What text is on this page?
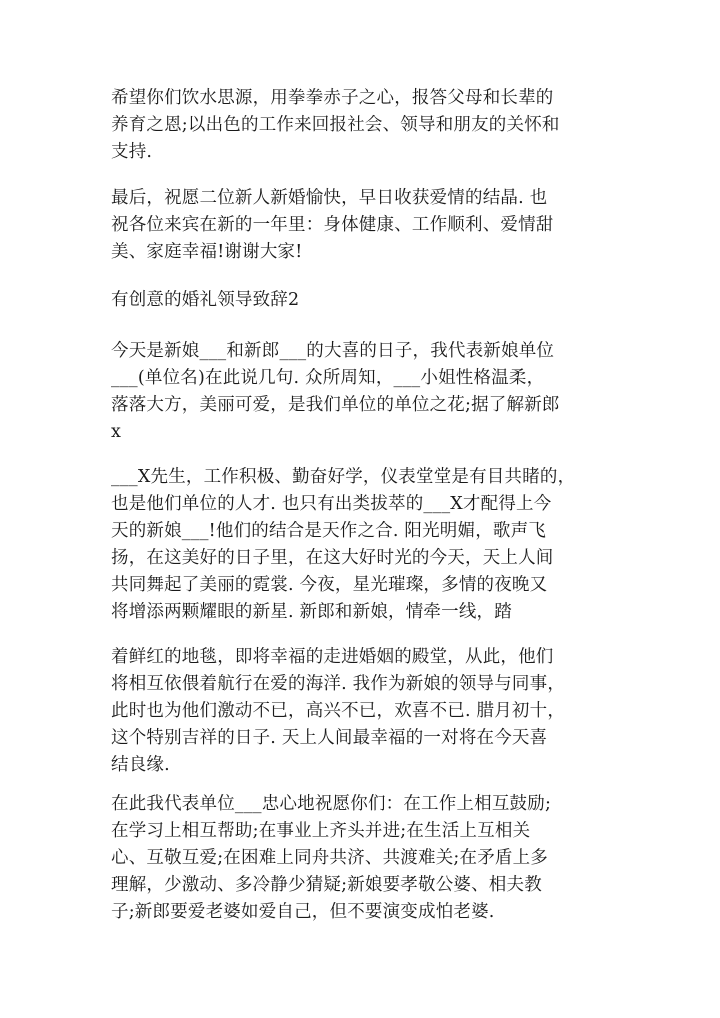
希望你们饮水思源，用拳拳赤子之心，报答父母和长辈的
养育之恩;以出色的工作来回报社会、领导和朋友的关怀和
支持.

最后，祝愿二位新人新婚愉快，早日收获爱情的结晶. 也
祝各位来宾在新的一年里：身体健康、工作顺利、爱情甜
美、家庭幸福!谢谢大家!

有创意的婚礼领导致辞2

今天是新娘___和新郎___的大喜的日子，我代表新娘单位
___(单位名)在此说几句. 众所周知，___小姐性格温柔，
落落大方，美丽可爱，是我们单位的单位之花;据了解新郎
x

___X先生，工作积极、勤奋好学，仪表堂堂是有目共睹的，
也是他们单位的人才. 也只有出类拔萃的___X才配得上今
天的新娘___!他们的结合是天作之合. 阳光明媚，歌声飞
扬，在这美好的日子里，在这大好时光的今天，天上人间
共同舞起了美丽的霓裳. 今夜，星光璀璨，多情的夜晚又
将增添两颗耀眼的新星. 新郎和新娘，情牵一线，踏

着鲜红的地毯，即将幸福的走进婚姻的殿堂，从此，他们
将相互依偎着航行在爱的海洋. 我作为新娘的领导与同事，
此时也为他们激动不已，高兴不已，欢喜不已. 腊月初十，
这个特别吉祥的日子. 天上人间最幸福的一对将在今天喜
结良缘.

在此我代表单位___忠心地祝愿你们：在工作上相互鼓励;
在学习上相互帮助;在事业上齐头并进;在生活上互相关
心、互敬互爱;在困难上同舟共济、共渡难关;在矛盾上多
理解，少激动、多冷静少猜疑;新娘要孝敬公婆、相夫教
子;新郎要爱老婆如爱自己，但不要演变成怕老婆.
